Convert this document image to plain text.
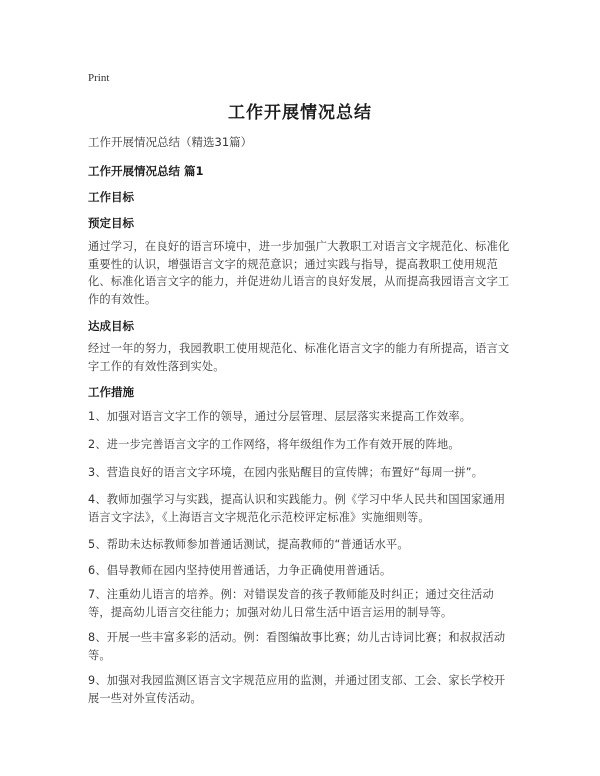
Print
工作开展情况总结
工作开展情况总结（精选31篇）
工作开展情况总结 篇1
工作目标
预定目标
通过学习，在良好的语言环境中，进一步加强广大教职工对语言文字规范化、标准化重要性的认识，增强语言文字的规范意识；通过实践与指导，提高教职工使用规范化、标准化语言文字的能力，并促进幼儿语言的良好发展，从而提高我园语言文字工作的有效性。
达成目标
经过一年的努力，我园教职工使用规范化、标准化语言文字的能力有所提高，语言文字工作的有效性落到实处。
工作措施
1、加强对语言文字工作的领导，通过分层管理、层层落实来提高工作效率。
2、进一步完善语言文字的工作网络，将年级组作为工作有效开展的阵地。
3、营造良好的语言文字环境，在园内张贴醒目的宣传牌；布置好“每周一拼”。
4、教师加强学习与实践，提高认识和实践能力。例《学习中华人民共和国国家通用语言文字法》，《上海语言文字规范化示范校评定标准》实施细则等。
5、帮助未达标教师参加普通话测试，提高教师的“普通话水平。
6、倡导教师在园内坚持使用普通话，力争正确使用普通话。
7、注重幼儿语言的培养。例：对错误发音的孩子教师能及时纠正；通过交往活动等，提高幼儿语言交往能力；加强对幼儿日常生活中语言运用的制导等。
8、开展一些丰富多彩的活动。例：看图编故事比赛；幼儿古诗词比赛；和叔叔活动等。
9、加强对我园监测区语言文字规范应用的监测，并通过团支部、工会、家长学校开展一些对外宣传活动。
